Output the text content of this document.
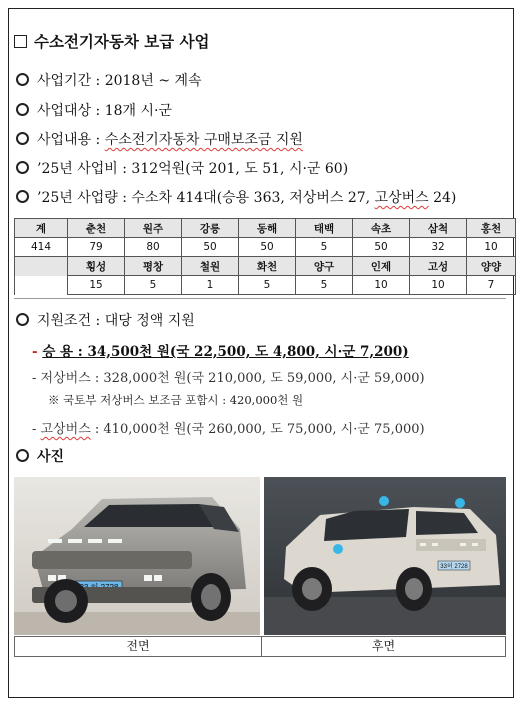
수소전기자동차 보급 사업
사업기간 : 2018년 ~ 계속
사업대상 : 18개 시·군
사업내용 : 수소전기자동차 구매보조금 지원
’25년 사업비 : 312억원(국 201, 도 51, 시·군 60)
’25년 사업량 : 수소차 414대(승용 363, 저상버스 27, 고상버스 24)
계	춘천	원주	강릉	동해	태백	속초	삼척	홍천
414	79	80	50	50	5	50	32	10
	횡성	평창	철원	화천	양구	인제	고성	양양
	15	5	1	5	5	10	10	7
지원조건 : 대당 정액 지원
- 승 용 : 34,500천 원(국 22,500, 도 4,800, 시·군 7,200)
- 저상버스 : 328,000천 원(국 210,000, 도 59,000, 시·군 59,000)
※ 국토부 저상버스 보조금 포함시 : 420,000천 원
- 고상버스 : 410,000천 원(국 260,000, 도 75,000, 시·군 75,000)
사진
33허 2728
전면	후면
